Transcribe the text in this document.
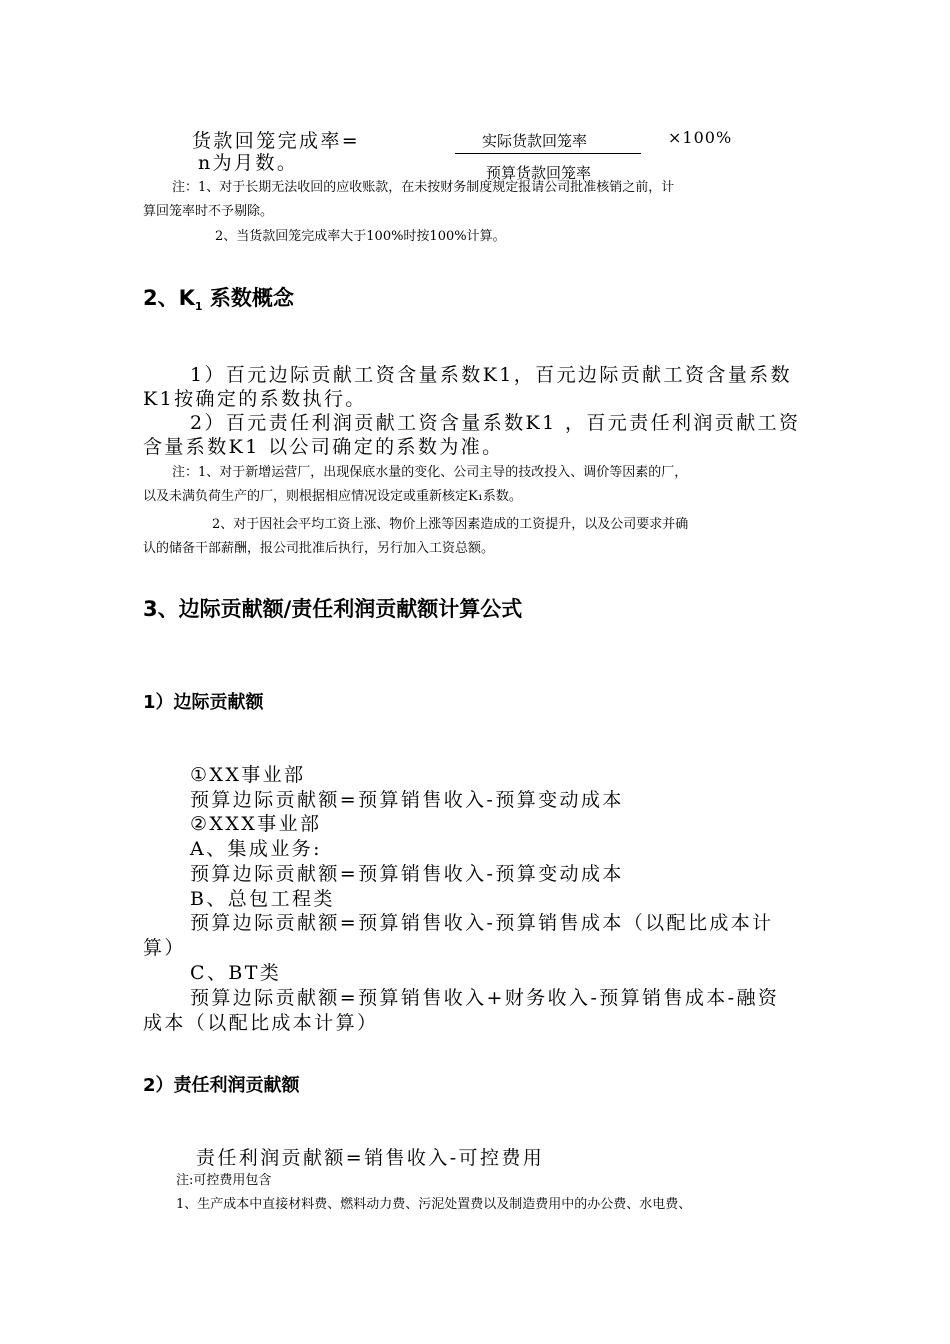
货款回笼完成率=	实际货款回笼率
预算货款回笼率
×100%
n为月数。
注：1、对于长期无法收回的应收账款，在未按财务制度规定报请公司批准核销之前，计
算回笼率时不予剔除。
2、当货款回笼完成率大于100%时按100%计算。
2、$K_1$ 系数概念
1）百元边际贡献工资含量系数K1，百元边际贡献工资含量系数
K1按确定的系数执行。
2）百元责任利润贡献工资含量系数K1 ，百元责任利润贡献工资
含量系数K1 以公司确定的系数为准。
注：1、对于新增运营厂，出现保底水量的变化、公司主导的技改投入、调价等因素的厂，
以及未满负荷生产的厂，则根据相应情况设定或重新核定K₁系数。
2、对于因社会平均工资上涨、物价上涨等因素造成的工资提升，以及公司要求并确
认的储备干部薪酬，报公司批准后执行，另行加入工资总额。
3、边际贡献额/责任利润贡献额计算公式
1）边际贡献额
①XX事业部
预算边际贡献额=预算销售收入-预算变动成本
②XXX事业部
A、集成业务:
预算边际贡献额=预算销售收入-预算变动成本
B、总包工程类
预算边际贡献额=预算销售收入-预算销售成本（以配比成本计
算）
C、BT类
预算边际贡献额=预算销售收入+财务收入-预算销售成本-融资
成本（以配比成本计算）
2）责任利润贡献额
责任利润贡献额=销售收入-可控费用
注:可控费用包含
1、生产成本中直接材料费、燃料动力费、污泥处置费以及制造费用中的办公费、水电费、
